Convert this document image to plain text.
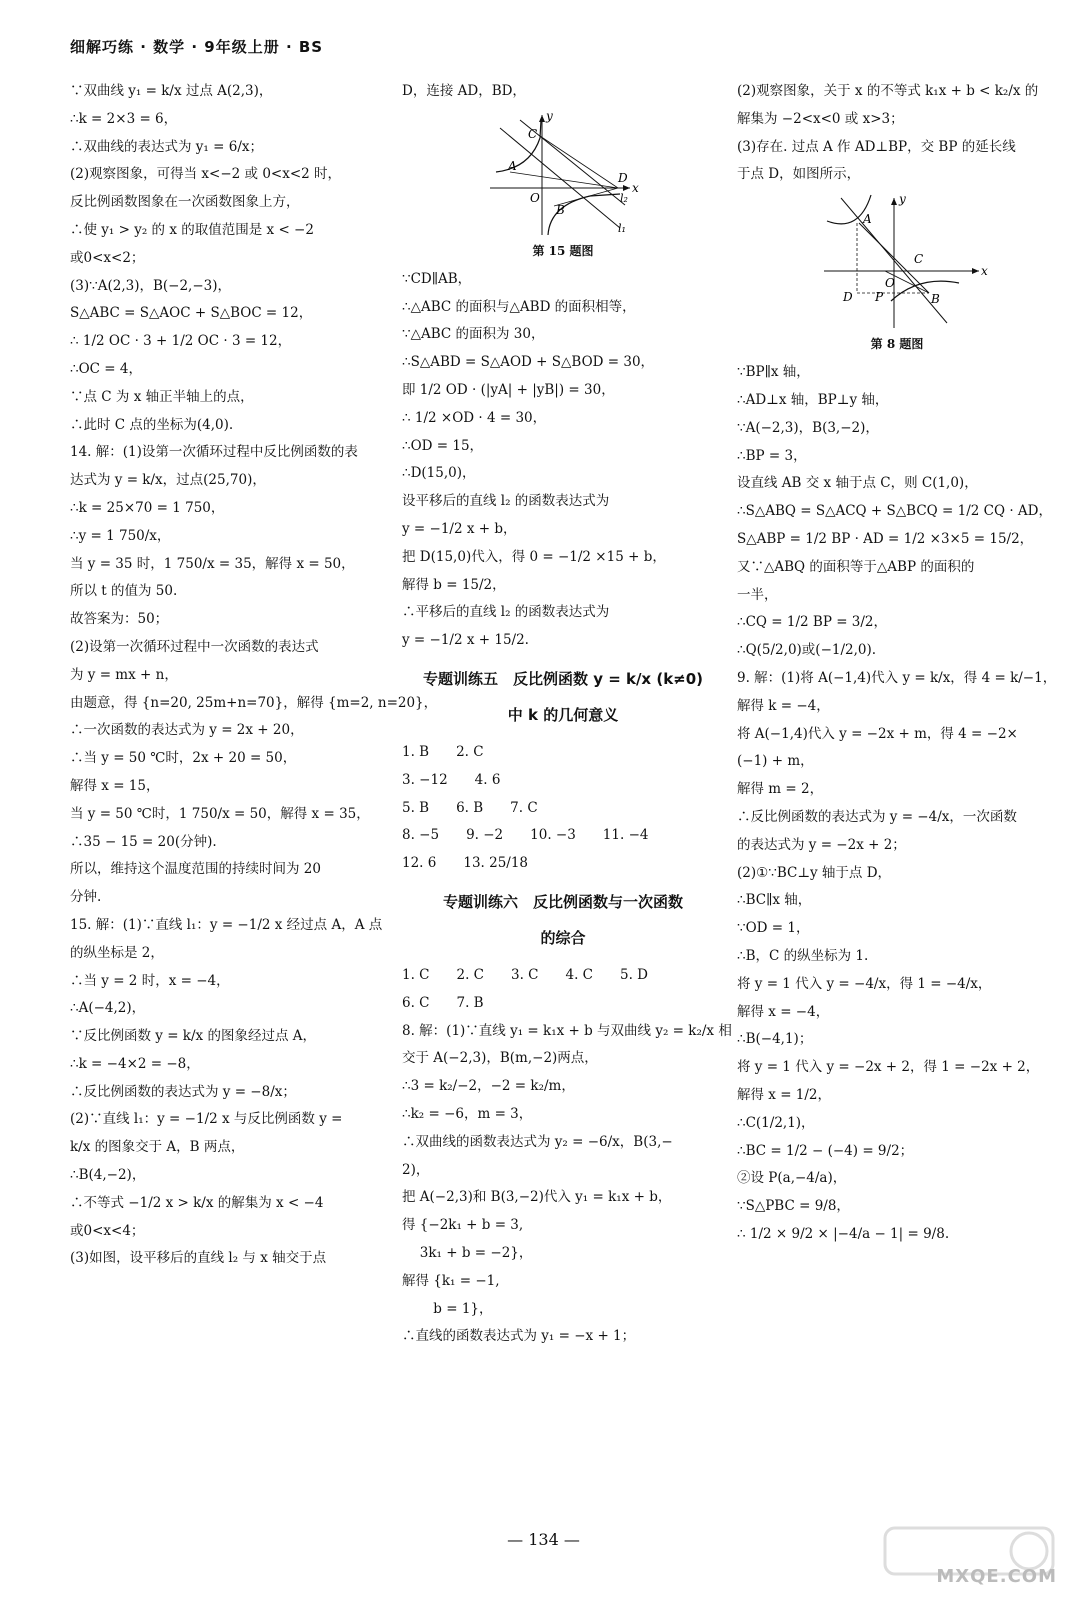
细解巧练 · 数学 · 9年级上册 · BS

∵双曲线 y₁ = k/x 过点 A(2,3)，

∴k = 2×3 = 6，

∴双曲线的表达式为 y₁ = 6/x；

(2)观察图象，可得当 x<−2 或 0<x<2 时，

反比例函数图象在一次函数图象上方，

∴使 y₁ > y₂ 的 x 的取值范围是 x < −2

或0<x<2；

(3)∵A(2,3)，B(−2,−3)，

S△ABC = S△AOC + S△BOC = 12，

∴ 1/2 OC · 3 + 1/2 OC · 3 = 12，

∴OC = 4，

∵点 C 为 x 轴正半轴上的点，

∴此时 C 点的坐标为(4,0).

14. 解：(1)设第一次循环过程中反比例函数的表

达式为 y = k/x，过点(25,70)，

∴k = 25×70 = 1 750，

∴y = 1 750/x，

当 y = 35 时，1 750/x = 35，解得 x = 50，

所以 t 的值为 50.

故答案为：50；

(2)设第一次循环过程中一次函数的表达式

为 y = mx + n，

由题意，得 {n=20, 25m+n=70}，解得 {m=2, n=20}，

∴一次函数的表达式为 y = 2x + 20，

∴当 y = 50 ℃时，2x + 20 = 50，

解得 x = 15，

当 y = 50 ℃时，1 750/x = 50，解得 x = 35，

∴35 − 15 = 20(分钟).

所以，维持这个温度范围的持续时间为 20

分钟.

15. 解：(1)∵直线 l₁：y = −1/2 x 经过点 A，A 点

的纵坐标是 2，

∴当 y = 2 时，x = −4，

∴A(−4,2)，

∵反比例函数 y = k/x 的图象经过点 A，

∴k = −4×2 = −8，

∴反比例函数的表达式为 y = −8/x；

(2)∵直线 l₁：y = −1/2 x 与反比例函数 y =

k/x 的图象交于 A，B 两点，

∴B(4,−2)，

∴不等式 −1/2 x > k/x 的解集为 x < −4

或0<x<4；

(3)如图，设平移后的直线 l₂ 与 x 轴交于点

D，连接 AD，BD，

C
A
y
O
B
D
l₂
x
l₁
第 15 题图

∵CD∥AB，

∴△ABC 的面积与△ABD 的面积相等，

∵△ABC 的面积为 30，

∴S△ABD = S△AOD + S△BOD = 30，

即 1/2 OD · (|yA| + |yB|) = 30，

∴ 1/2 ×OD · 4 = 30，

∴OD = 15，

∴D(15,0)，

设平移后的直线 l₂ 的函数表达式为

y = −1/2 x + b，

把 D(15,0)代入，得 0 = −1/2 ×15 + b，

解得 b = 15/2，

∴平移后的直线 l₂ 的函数表达式为

y = −1/2 x + 15/2.

专题训练五　反比例函数 y = k/x (k≠0)

中 k 的几何意义

1. B　　2. C

3. −12　　4. 6

5. B　　6. B　　7. C

8. −5　　9. −2　　10. −3　　11. −4

12. 6　　13. 25/18

专题训练六　反比例函数与一次函数

的综合

1. C　　2. C　　3. C　　4. C　　5. D

6. C　　7. B

8. 解：(1)∵直线 y₁ = k₁x + b 与双曲线 y₂ = k₂/x 相

交于 A(−2,3)，B(m,−2)两点，

∴3 = k₂/−2，−2 = k₂/m，

∴k₂ = −6，m = 3，

∴双曲线的函数表达式为 y₂ = −6/x，B(3,−

2)，

把 A(−2,3)和 B(3,−2)代入 y₁ = k₁x + b，

得 {−2k₁ + b = 3,

　 3k₁ + b = −2}，

解得 {k₁ = −1,

　　 b = 1}，

∴直线的函数表达式为 y₁ = −x + 1；

(2)观察图象，关于 x 的不等式 k₁x + b < k₂/x 的

解集为 −2<x<0 或 x>3；

(3)存在. 过点 A 作 AD⊥BP，交 BP 的延长线

于点 D，如图所示，

A
y
C
O
x
D P	B
第 8 题图

∵BP∥x 轴，

∴AD⊥x 轴，BP⊥y 轴，

∵A(−2,3)，B(3,−2)，

∴BP = 3，

设直线 AB 交 x 轴于点 C，则 C(1,0)，

∴S△ABQ = S△ACQ + S△BCQ = 1/2 CQ · AD，

S△ABP = 1/2 BP · AD = 1/2 ×3×5 = 15/2，

又∵△ABQ 的面积等于△ABP 的面积的

一半，

∴CQ = 1/2 BP = 3/2，

∴Q(5/2,0)或(−1/2,0).

9. 解：(1)将 A(−1,4)代入 y = k/x，得 4 = k/−1，

解得 k = −4，

将 A(−1,4)代入 y = −2x + m，得 4 = −2×

(−1) + m，

解得 m = 2，

∴反比例函数的表达式为 y = −4/x，一次函数

的表达式为 y = −2x + 2；

(2)①∵BC⊥y 轴于点 D，

∴BC∥x 轴，

∵OD = 1，

∴B，C 的纵坐标为 1.

将 y = 1 代入 y = −4/x，得 1 = −4/x，

解得 x = −4，

∴B(−4,1)；

将 y = 1 代入 y = −2x + 2，得 1 = −2x + 2，

解得 x = 1/2，

∴C(1/2,1)，

∴BC = 1/2 − (−4) = 9/2；

②设 P(a,−4/a)，

∵S△PBC = 9/8，

∴ 1/2 × 9/2 × |−4/a − 1| = 9/8.

— 134 —
MXQE.COM
